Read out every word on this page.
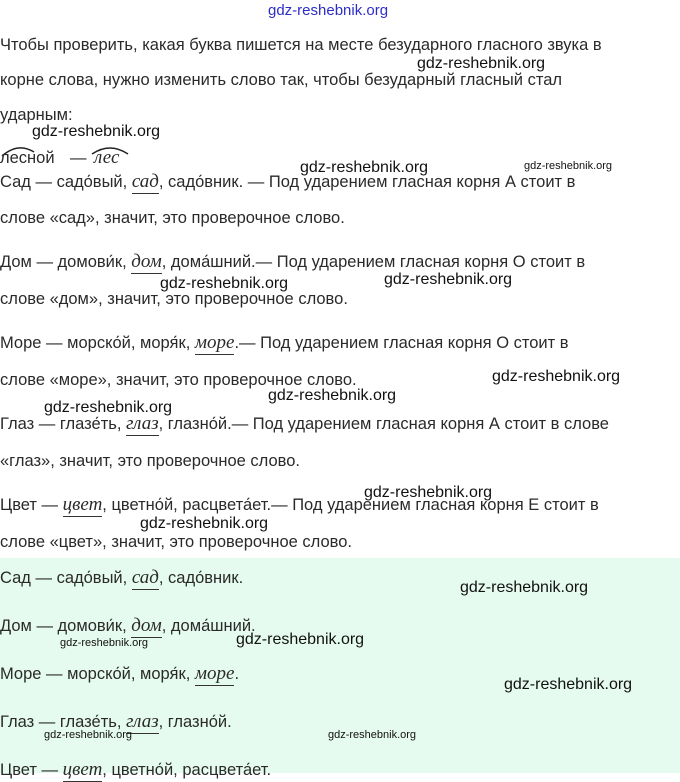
gdz-reshebnik.org
Чтобы проверить, какая буква пишется на месте безударного гласного звука в
корне слова, нужно изменить слово так, чтобы безударный гласный стал
ударным:
лесной — лес
Сад — садо́вый, сад, садо́вник. — Под ударением гласная корня А стоит в
слове «сад», значит, это проверочное слово.
Дом — домови́к, дом, дома́шний.— Под ударением гласная корня О стоит в
слове «дом», значит, это проверочное слово.
Море — морско́й, моря́к, море.— Под ударением гласная корня О стоит в
слове «море», значит, это проверочное слово.
Глаз — глазе́ть, глаз, глазно́й.— Под ударением гласная корня А стоит в слове
«глаз», значит, это проверочное слово.
Цвет — цвет, цветно́й, расцвета́ет.— Под ударением гласная корня Е стоит в
слове «цвет», значит, это проверочное слово.
Сад — садо́вый, сад, садо́вник.
Дом — домови́к, дом, дома́шний.
Море — морско́й, моря́к, море.
Глаз — глазе́ть, глаз, глазно́й.
Цвет — цвет, цветно́й, расцвета́ет.
gdz-reshebnik.org
gdz-reshebnik.org
gdz-reshebnik.org	gdz-reshebnik.org
gdz-reshebnik.org	gdz-reshebnik.org
gdz-reshebnik.org
gdz-reshebnik.org
gdz-reshebnik.org
gdz-reshebnik.org
gdz-reshebnik.org
gdz-reshebnik.org
gdz-reshebnik.org	gdz-reshebnik.org
gdz-reshebnik.org
gdz-reshebnik.org	gdz-reshebnik.org
